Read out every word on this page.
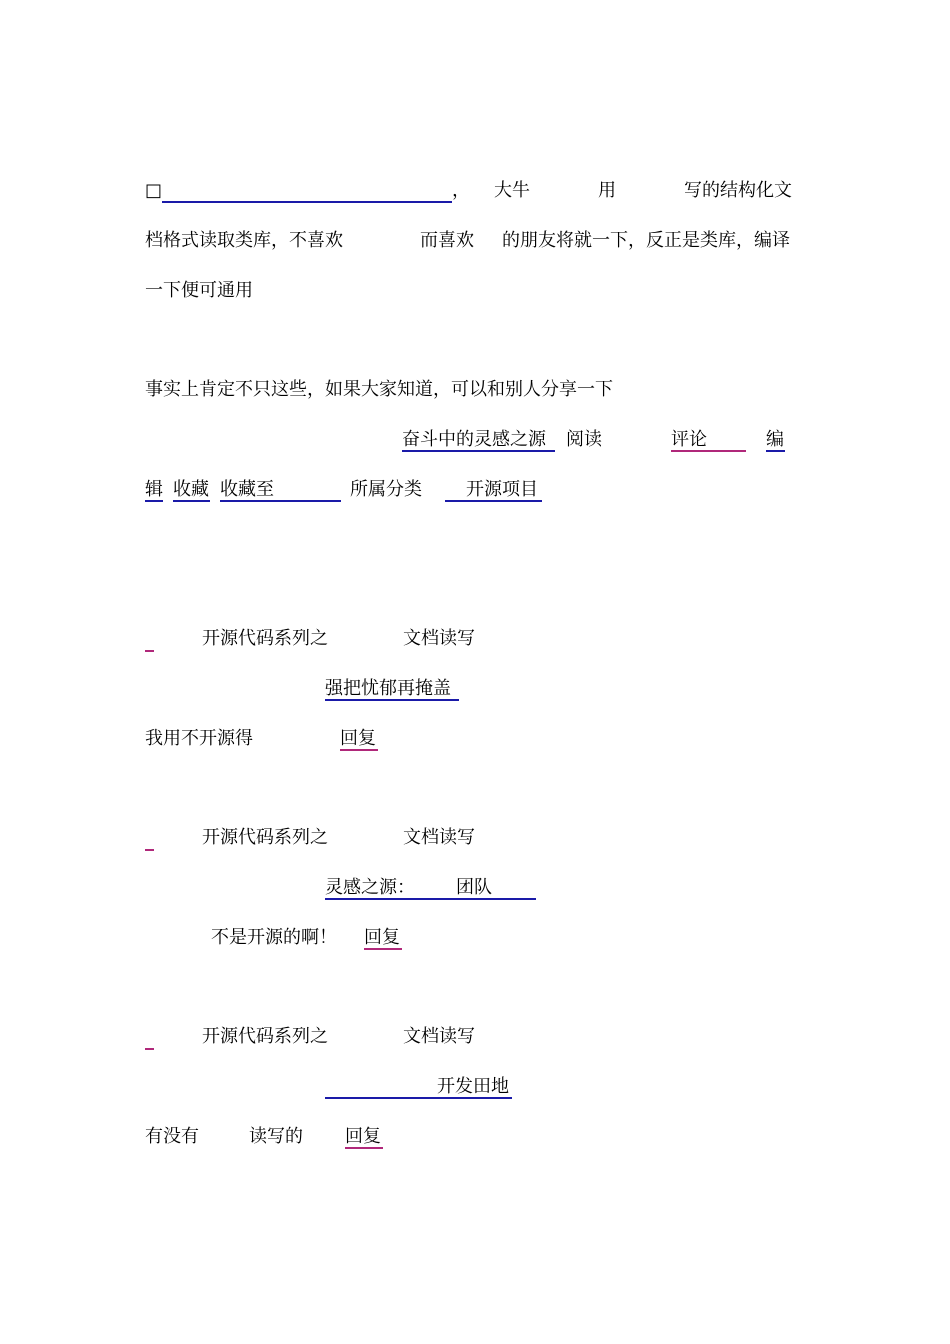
□	， 大牛	用	写的结构化文
档格式读取类库，不喜欢	而喜欢 的朋友将就一下，反正是类库，编译
一下便可通用
事实上肯定不只这些，如果大家知道，可以和别人分享一下
奋斗中的灵感之源 阅读	评论	编
辑 收藏 收藏至	所属分类 开源项目
开源代码系列之	文档读写
强把忧郁再掩盖
我用不开源得	回复
开源代码系列之	文档读写
灵感之源： 团队
不是开源的啊！ 回复
开源代码系列之	文档读写
开发田地
有没有	读写的 回复
